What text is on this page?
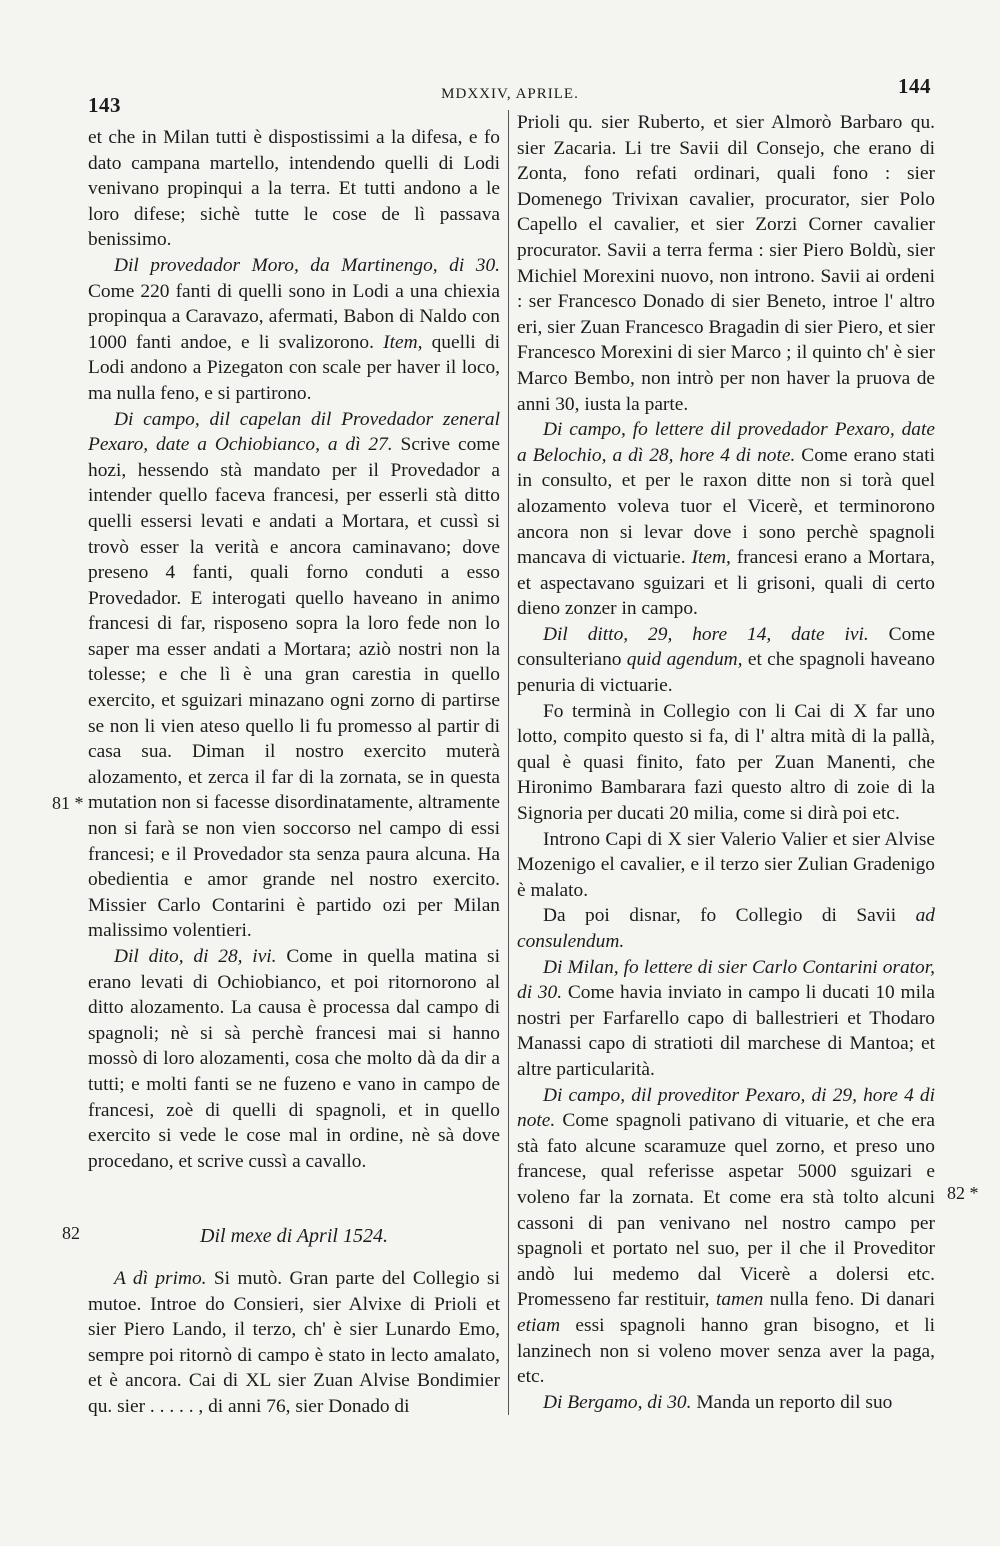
143	MDXXIV, APRILE.	144
81 *
82
82 *

et che in Milan tutti è dispostissimi a la difesa, e fo dato campana martello, intendendo quelli di Lodi venivano propinqui a la terra. Et tutti andono a le loro difese; sichè tutte le cose de lì passava benissimo.

Dil provedador Moro, da Martinengo, di 30. Come 220 fanti di quelli sono in Lodi a una chiexia propinqua a Caravazo, afermati, Babon di Naldo con 1000 fanti andoe, e li svalizorono. Item, quelli di Lodi andono a Pizegaton con scale per haver il loco, ma nulla feno, e si partirono.

Di campo, dil capelan dil Provedador zeneral Pexaro, date a Ochiobianco, a dì 27. Scrive come hozi, hessendo stà mandato per il Provedador a intender quello faceva francesi, per esserli stà ditto quelli essersi levati e andati a Mortara, et cussì si trovò esser la verità e ancora caminavano; dove preseno 4 fanti, quali forno conduti a esso Provedador. E interogati quello haveano in animo francesi di far, risposeno sopra la loro fede non lo saper ma esser andati a Mortara; aziò nostri non la tolesse; e che lì è una gran carestia in quello exercito, et sguizari minazano ogni zorno di partirse se non li vien ateso quello li fu promesso al partir di casa sua. Diman il nostro exercito muterà alozamento, et zerca il far di la zornata, se in questa mutation non si facesse disordinatamente, altramente non si farà se non vien soccorso nel campo di essi francesi; e il Provedador sta senza paura alcuna. Ha obedientia e amor grande nel nostro exercito. Missier Carlo Contarini è partido ozi per Milan malissimo volentieri.

Dil dito, di 28, ivi. Come in quella matina si erano levati di Ochiobianco, et poi ritornorono al ditto alozamento. La causa è processa dal campo di spagnoli; nè si sà perchè francesi mai si hanno mossò di loro alozamenti, cosa che molto dà da dir a tutti; e molti fanti se ne fuzeno e vano in campo de francesi, zoè di quelli di spagnoli, et in quello exercito si vede le cose mal in ordine, nè sà dove procedano, et scrive cussì a cavallo.

Dil mexe di April 1524.

A dì primo. Si mutò. Gran parte del Collegio si mutoe. Introe do Consieri, sier Alvixe di Prioli et sier Piero Lando, il terzo, ch' è sier Lunardo Emo, sempre poi ritornò di campo è stato in lecto amalato, et è ancora. Cai di XL sier Zuan Alvise Bondimier qu. sier . . . . . , di anni 76, sier Donado di

Prioli qu. sier Ruberto, et sier Almorò Barbaro qu. sier Zacaria. Li tre Savii dil Consejo, che erano di Zonta, fono refati ordinari, quali fono : sier Domenego Trivixan cavalier, procurator, sier Polo Capello el cavalier, et sier Zorzi Corner cavalier procurator. Savii a terra ferma : sier Piero Boldù, sier Michiel Morexini nuovo, non introno. Savii ai ordeni : ser Francesco Donado di sier Beneto, introe l' altro eri, sier Zuan Francesco Bragadin di sier Piero, et sier Francesco Morexini di sier Marco ; il quinto ch' è sier Marco Bembo, non intrò per non haver la pruova de anni 30, iusta la parte.

Di campo, fo lettere dil provedador Pexaro, date a Belochio, a dì 28, hore 4 di note. Come erano stati in consulto, et per le raxon ditte non si torà quel alozamento voleva tuor el Vicerè, et terminorono ancora non si levar dove i sono perchè spagnoli mancava di victuarie. Item, francesi erano a Mortara, et aspectavano sguizari et li grisoni, quali di certo dieno zonzer in campo.

Dil ditto, 29, hore 14, date ivi. Come consulteriano quid agendum, et che spagnoli haveano penuria di victuarie.

Fo terminà in Collegio con li Cai di X far uno lotto, compito questo si fa, di l' altra mità di la pallà, qual è quasi finito, fato per Zuan Manenti, che Hironimo Bambarara fazi questo altro di zoie di la Signoria per ducati 20 milia, come si dirà poi etc.

Introno Capi di X sier Valerio Valier et sier Alvise Mozenigo el cavalier, e il terzo sier Zulian Gradenigo è malato.

Da poi disnar, fo Collegio di Savii ad consulendum.

Di Milan, fo lettere di sier Carlo Contarini orator, di 30. Come havia inviato in campo li ducati 10 mila nostri per Farfarello capo di ballestrieri et Thodaro Manassi capo di stratioti dil marchese di Mantoa; et altre particularità.

Di campo, dil proveditor Pexaro, di 29, hore 4 di note. Come spagnoli pativano di vituarie, et che era stà fato alcune scaramuze quel zorno, et preso uno francese, qual referisse aspetar 5000 sguizari e voleno far la zornata. Et come era stà tolto alcuni cassoni di pan venivano nel nostro campo per spagnoli et portato nel suo, per il che il Proveditor andò lui medemo dal Vicerè a dolersi etc. Promesseno far restituir, tamen nulla feno. Di danari etiam essi spagnoli hanno gran bisogno, et li lanzinech non si voleno mover senza aver la paga, etc.

Di Bergamo, di 30. Manda un reporto dil suo
